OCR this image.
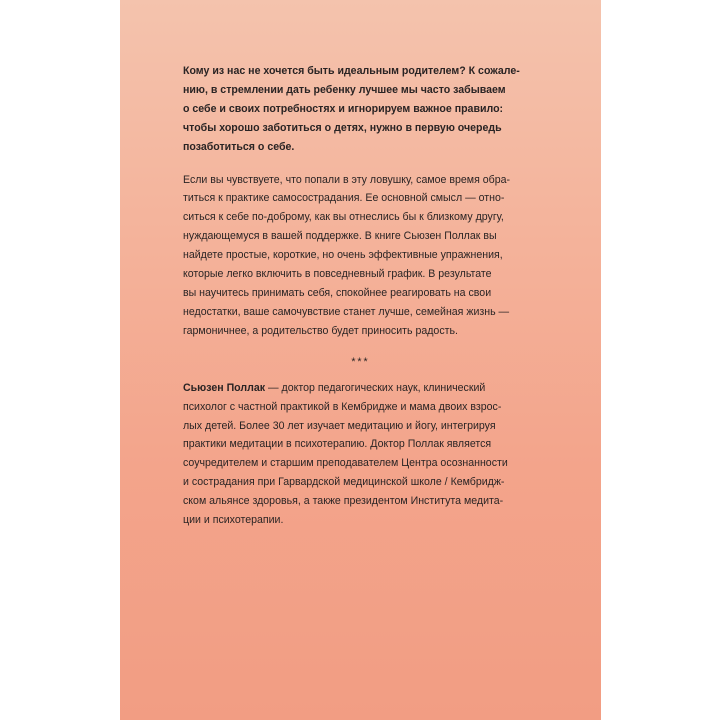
Кому из нас не хочется быть идеальным родителем? К сожале-
нию, в стремлении дать ребенку лучшее мы часто забываем
о себе и своих потребностях и игнорируем важное правило:
чтобы хорошо заботиться о детях, нужно в первую очередь
позаботиться о себе.

Если вы чувствуете, что попали в эту ловушку, самое время обра-
титься к практике самосострадания. Ее основной смысл — отно-
ситься к себе по-доброму, как вы отнеслись бы к близкому другу,
нуждающемуся в вашей поддержке. В книге Сьюзен Поллак вы
найдете простые, короткие, но очень эффективные упражнения,
которые легко включить в повседневный график. В результате
вы научитесь принимать себя, спокойнее реагировать на свои
недостатки, ваше самочувствие станет лучше, семейная жизнь —
гармоничнее, а родительство будет приносить радость.

***

Сьюзен Поллак — доктор педагогических наук, клинический
психолог с частной практикой в Кембридже и мама двоих взрос-
лых детей. Более 30 лет изучает медитацию и йогу, интегрируя
практики медитации в психотерапию. Доктор Поллак является
соучредителем и старшим преподавателем Центра осознанности
и сострадания при Гарвардской медицинской школе / Кембридж-
ском альянсе здоровья, а также президентом Института медита-
ции и психотерапии.
